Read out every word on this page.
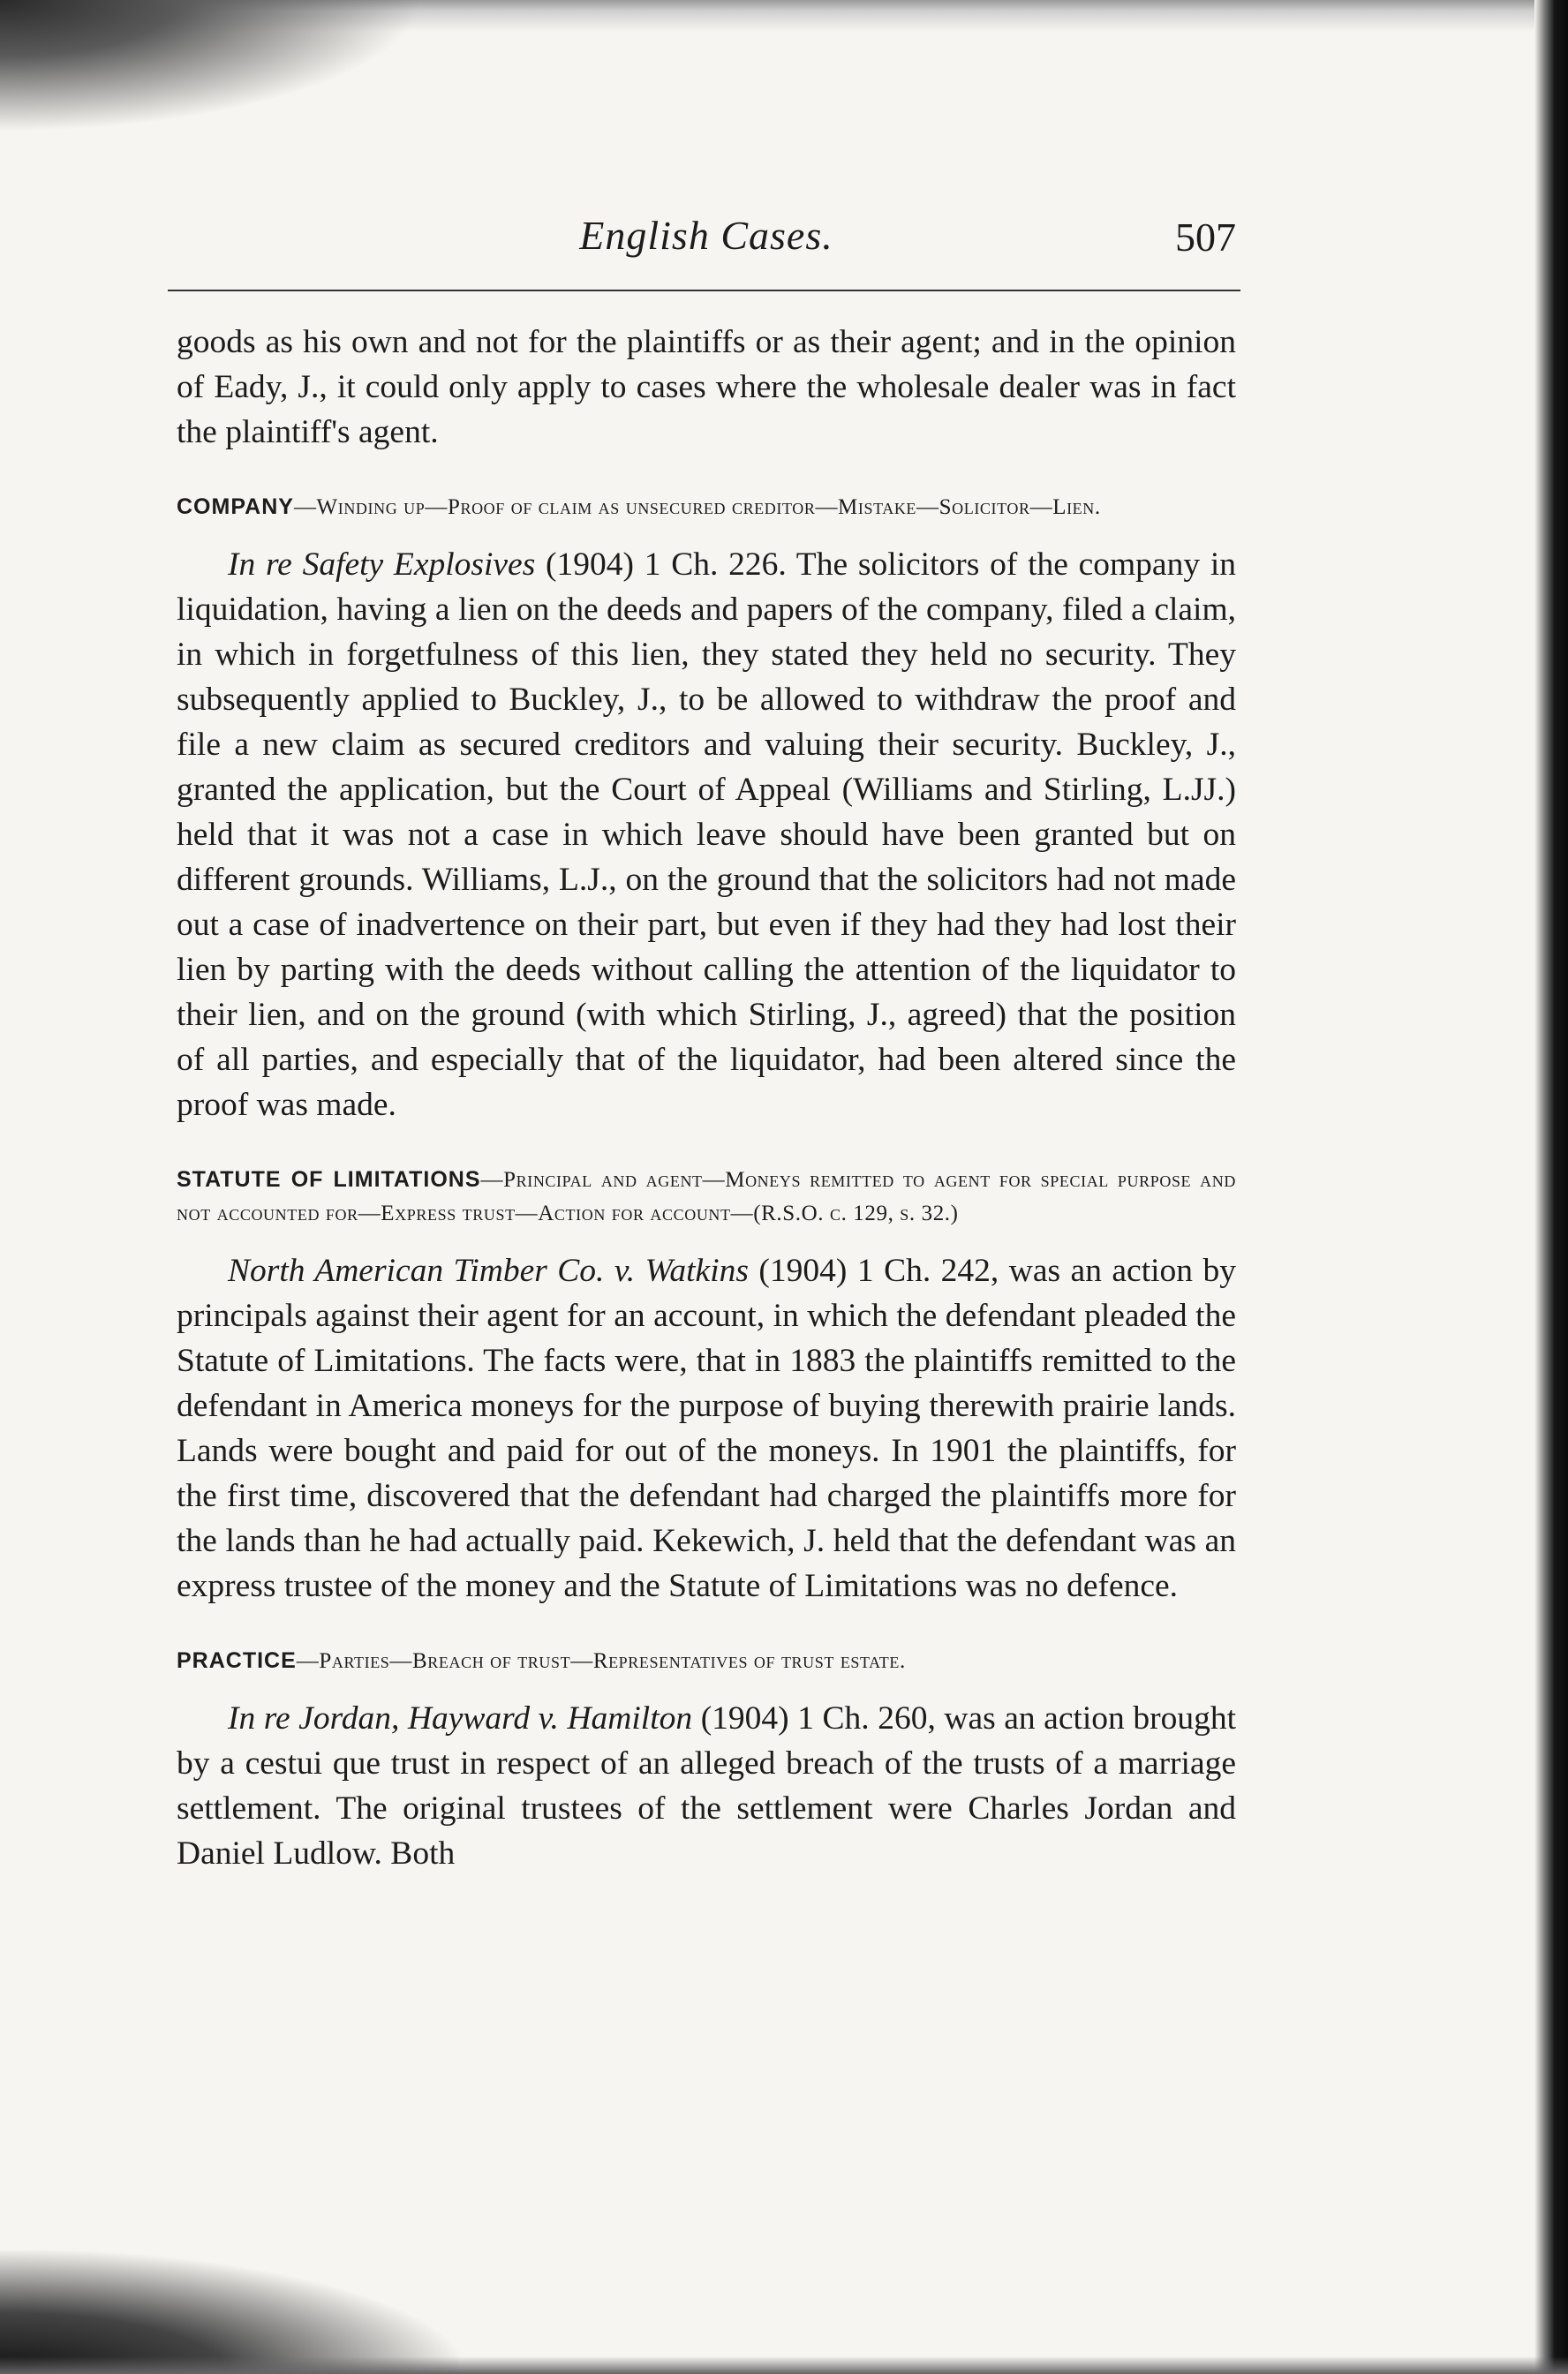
English Cases.	507

goods as his own and not for the plaintiffs or as their agent; and in the opinion of Eady, J., it could only apply to cases where the wholesale dealer was in fact the plaintiff's agent.

COMPANY—Winding up—Proof of claim as unsecured creditor—Mistake—Solicitor—Lien.

In re Safety Explosives (1904) 1 Ch. 226. The solicitors of the company in liquidation, having a lien on the deeds and papers of the company, filed a claim, in which in forgetfulness of this lien, they stated they held no security. They subsequently applied to Buckley, J., to be allowed to withdraw the proof and file a new claim as secured creditors and valuing their security. Buckley, J., granted the application, but the Court of Appeal (Williams and Stirling, L.JJ.) held that it was not a case in which leave should have been granted but on different grounds. Williams, L.J., on the ground that the solicitors had not made out a case of inadvertence on their part, but even if they had they had lost their lien by parting with the deeds without calling the attention of the liquidator to their lien, and on the ground (with which Stirling, J., agreed) that the position of all parties, and especially that of the liquidator, had been altered since the proof was made.

STATUTE OF LIMITATIONS—Principal and agent—Moneys remitted to agent for special purpose and not accounted for—Express trust—Action for account—(R.S.O. c. 129, s. 32.)

North American Timber Co. v. Watkins (1904) 1 Ch. 242, was an action by principals against their agent for an account, in which the defendant pleaded the Statute of Limitations. The facts were, that in 1883 the plaintiffs remitted to the defendant in America moneys for the purpose of buying therewith prairie lands. Lands were bought and paid for out of the moneys. In 1901 the plaintiffs, for the first time, discovered that the defendant had charged the plaintiffs more for the lands than he had actually paid. Kekewich, J. held that the defendant was an express trustee of the money and the Statute of Limitations was no defence.

PRACTICE—Parties—Breach of trust—Representatives of trust estate.

In re Jordan, Hayward v. Hamilton (1904) 1 Ch. 260, was an action brought by a cestui que trust in respect of an alleged breach of the trusts of a marriage settlement. The original trustees of the settlement were Charles Jordan and Daniel Ludlow. Both
